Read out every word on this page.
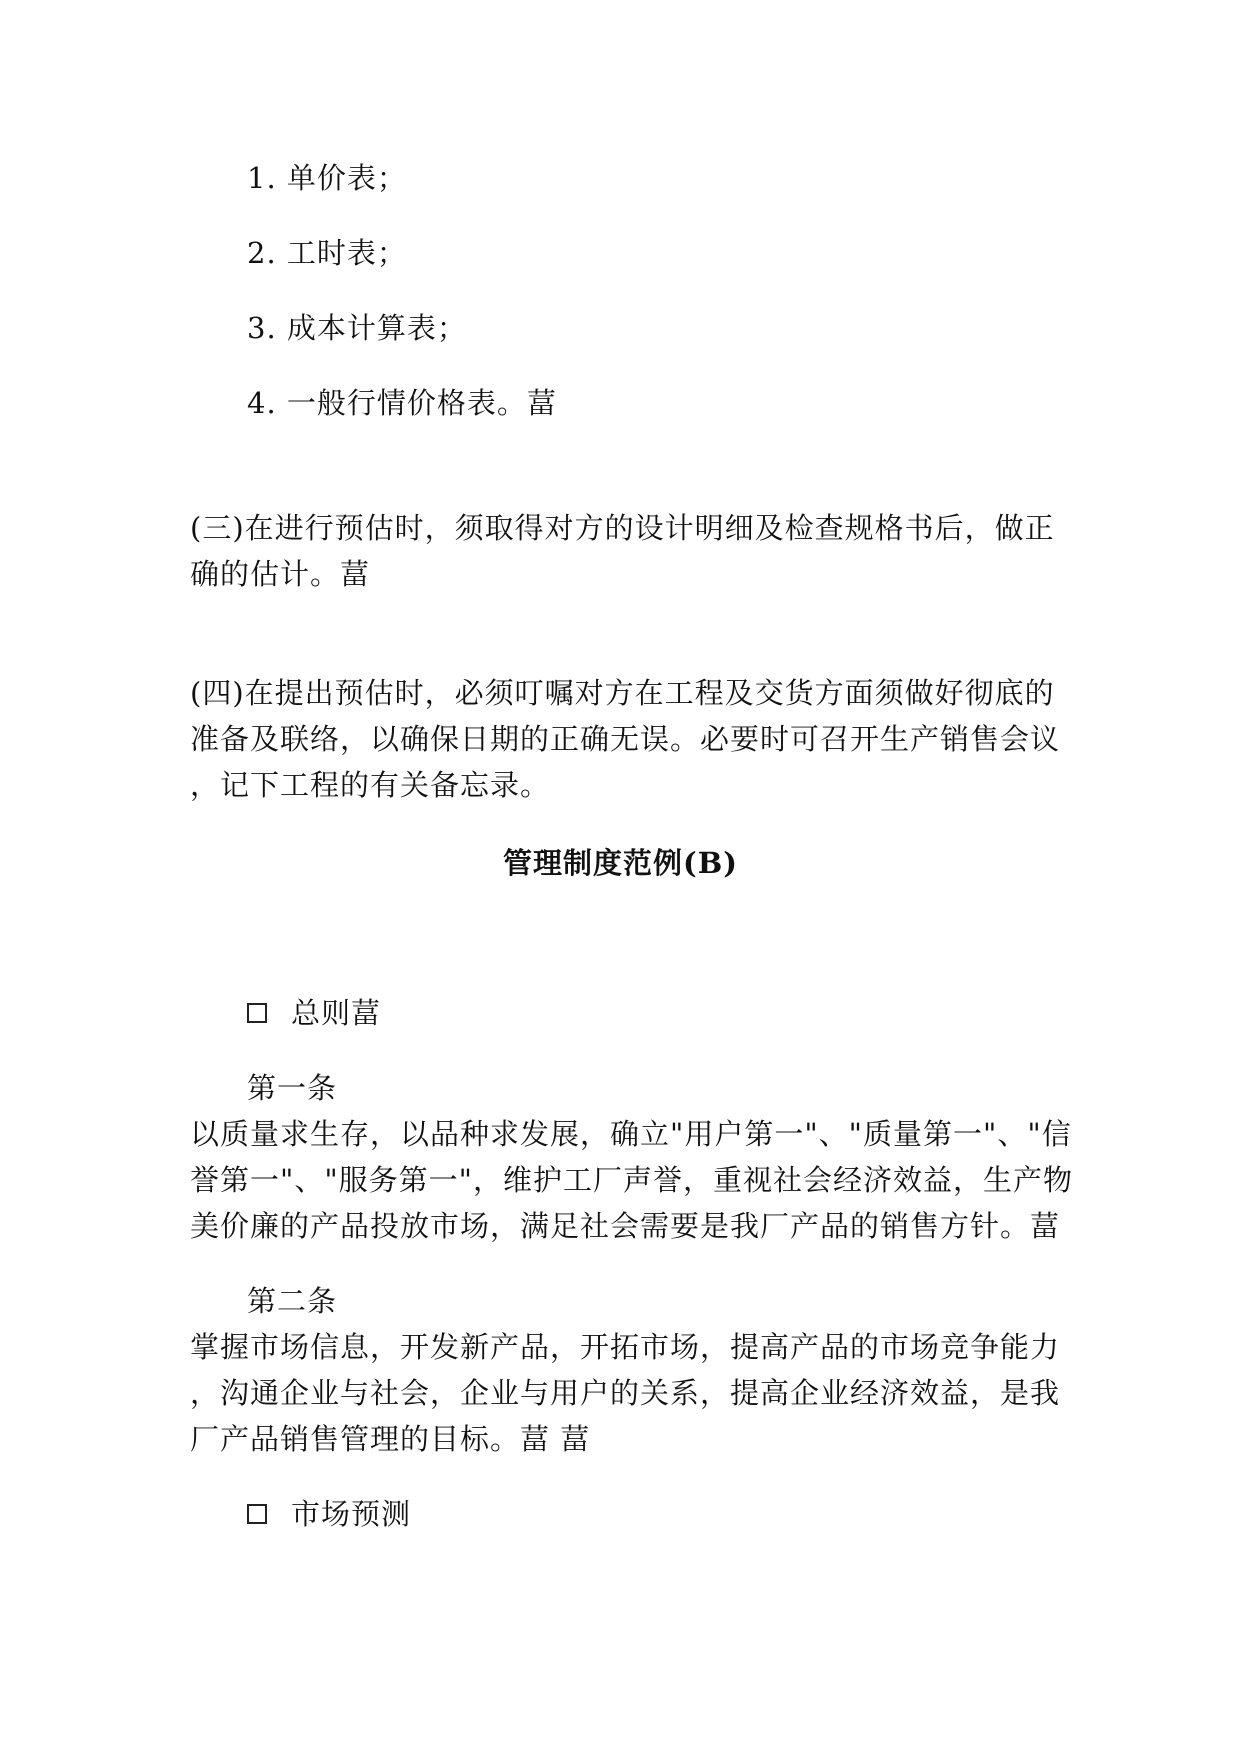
1. 单价表；
2. 工时表；
3. 成本计算表；
4. 一般行情价格表。葍
(三)在进行预估时，须取得对方的设计明细及检查规格书后，做正
确的估计。葍
(四)在提出预估时，必须叮嘱对方在工程及交货方面须做好彻底的
准备及联络，以确保日期的正确无误。必要时可召开生产销售会议
，记下工程的有关备忘录。
管理制度范例(B)
总则葍
第一条
以质量求生存，以品种求发展，确立"用户第一"、"质量第一"、"信
誉第一"、"服务第一"，维护工厂声誉，重视社会经济效益，生产物
美价廉的产品投放市场，满足社会需要是我厂产品的销售方针。葍
第二条
掌握市场信息，开发新产品，开拓市场，提高产品的市场竞争能力
，沟通企业与社会，企业与用户的关系，提高企业经济效益，是我
厂产品销售管理的目标。葍 葍
市场预测
